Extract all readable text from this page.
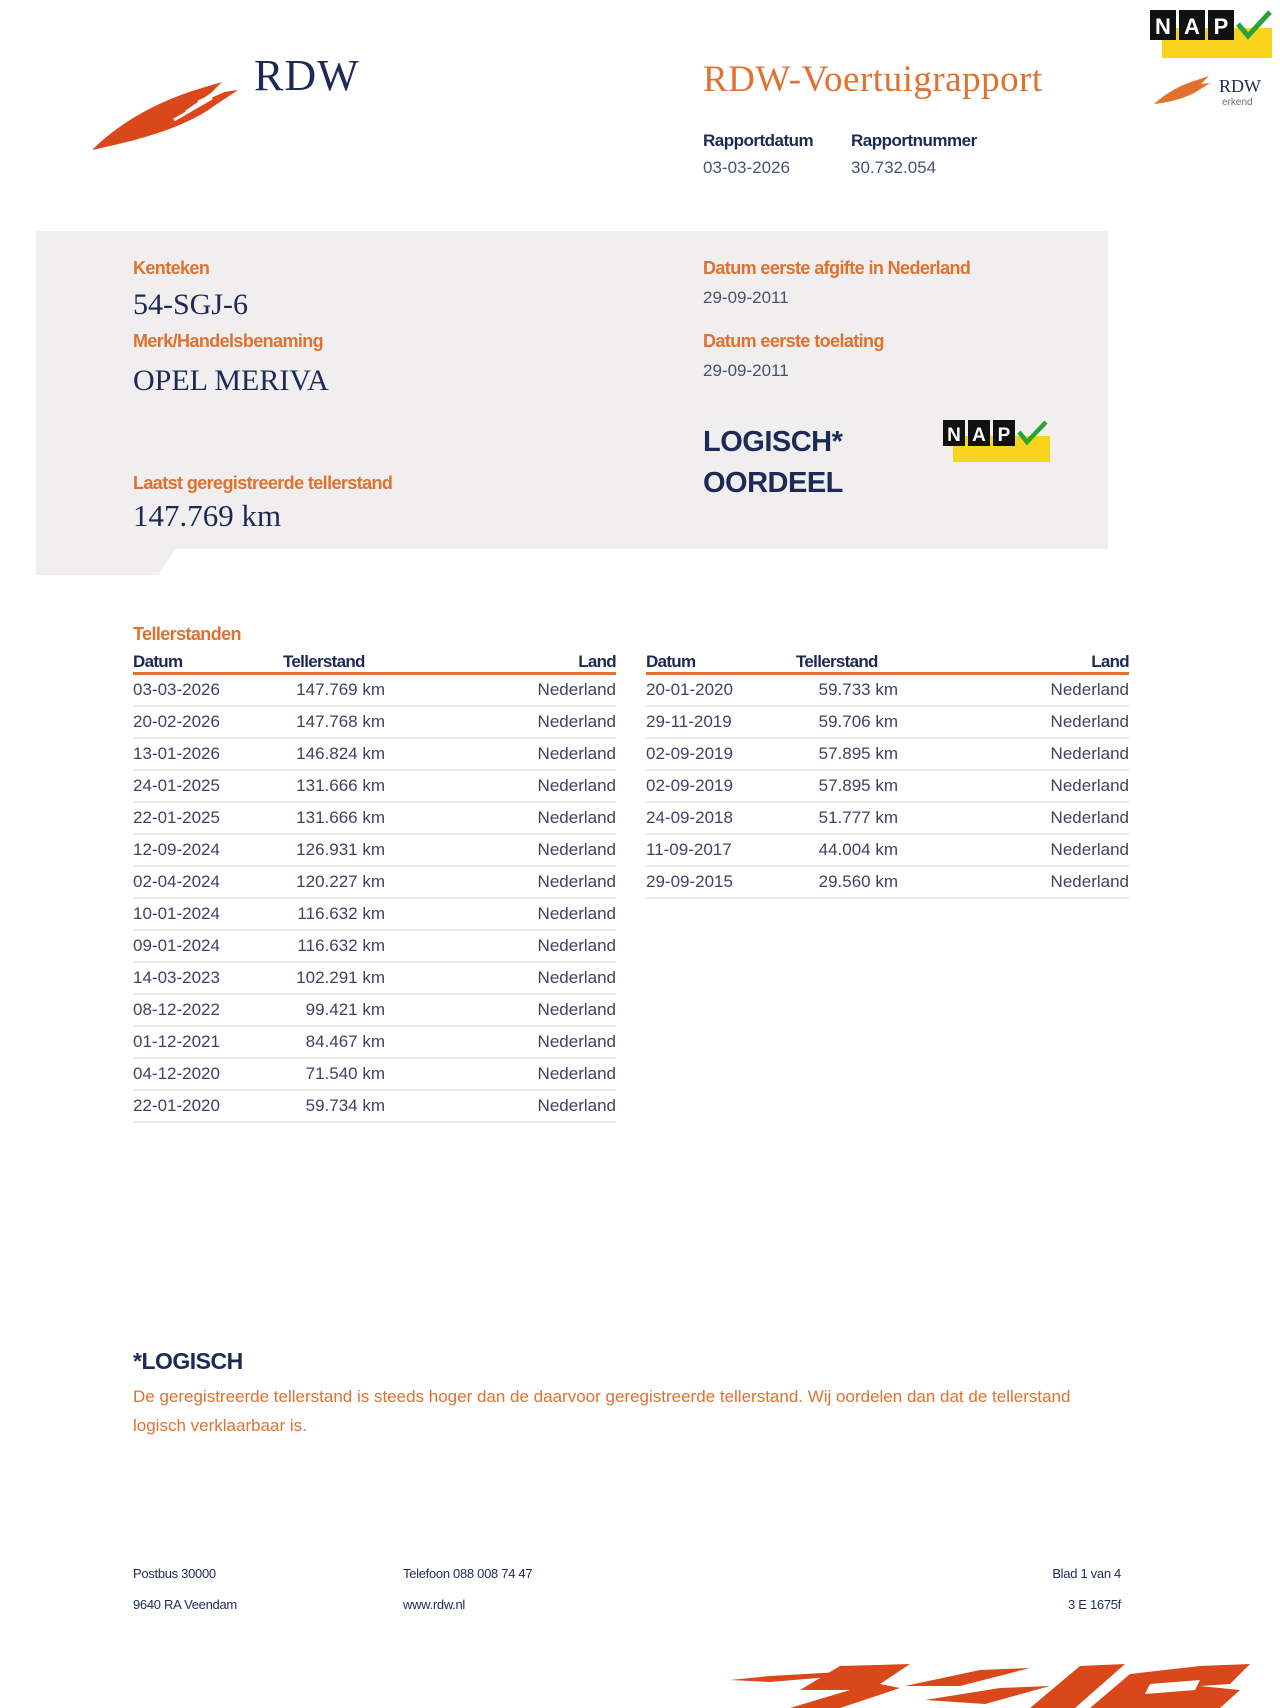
RDW	RDW-Voertuigrapport
Rapportdatum
03-03-2026
Rapportnummer
30.732.054
N A P
RDW
erkend
Kenteken
54-SGJ-6
Merk/Handelsbenaming
OPEL MERIVA
Laatst geregistreerde tellerstand
147.769 km
Datum eerste afgifte in Nederland
29-09-2011
Datum eerste toelating
29-09-2011
LOGISCH*
OORDEEL
N A P
Tellerstanden
Datum	Tellerstand	Land
03-03-2026	147.769 km	Nederland
20-02-2026	147.768 km	Nederland
13-01-2026	146.824 km	Nederland
24-01-2025	131.666 km	Nederland
22-01-2025	131.666 km	Nederland
12-09-2024	126.931 km	Nederland
02-04-2024	120.227 km	Nederland
10-01-2024	116.632 km	Nederland
09-01-2024	116.632 km	Nederland
14-03-2023	102.291 km	Nederland
08-12-2022	99.421 km	Nederland
01-12-2021	84.467 km	Nederland
04-12-2020	71.540 km	Nederland
22-01-2020	59.734 km	Nederland
Datum	Tellerstand	Land
20-01-2020	59.733 km	Nederland
29-11-2019	59.706 km	Nederland
02-09-2019	57.895 km	Nederland
02-09-2019	57.895 km	Nederland
24-09-2018	51.777 km	Nederland
11-09-2017	44.004 km	Nederland
29-09-2015	29.560 km	Nederland
*LOGISCH
De geregistreerde tellerstand is steeds hoger dan de daarvoor geregistreerde tellerstand. Wij oordelen dan dat de tellerstand logisch verklaarbaar is.
Postbus 30000
9640 RA Veendam
Telefoon 088 008 74 47
www.rdw.nl
Blad 1 van 4
3 E 1675f
